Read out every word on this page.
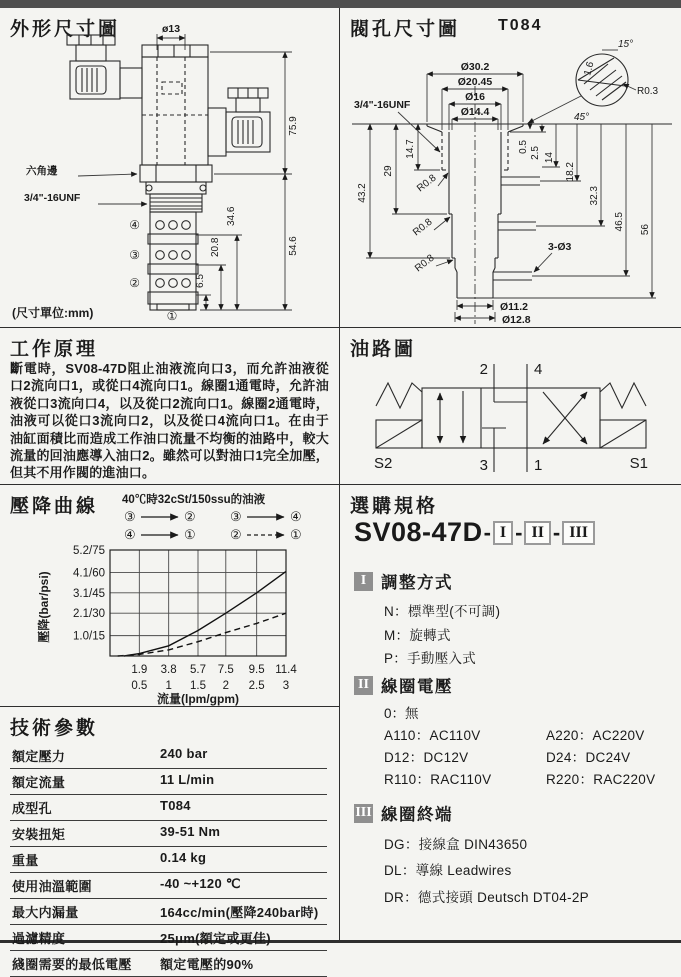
外形尺寸圖	ø13
六角邊
3/4"-16UNF
④
③
②
①
6.5
20.8
34.6
75.9
54.6
(尺寸單位:mm)
閥孔尺寸圖 T084
Ø30.2
Ø20.45
Ø16
Ø14.4
3/4"-16UNF
14.7
29
43.2
0.5 2.5 14
18.2
32.3
46.5 56
R0.8
R0.8
R0.8
3-Ø3
Ø11.2
Ø12.8
15°
1.6
R0.3
45°
工作原理
斷電時，SV08-47D阻止油液流向口3，而允許油液從口2流向口1，或從口4流向口1。線圈1通電時，允許油液從口3流向口4，以及從口2流向口1。線圈2通電時，油液可以從口3流向口2，以及從口4流向口1。在由于油缸面積比而造成工作油口流量不均衡的油路中，較大流量的回油應導入油口2。雖然可以對油口1完全加壓，但其不用作閥的進油口。
油路圖
2	4
3	1
S2	S1
壓降曲線 40℃時32cSt/150ssu的油液
③	②	③	④
④	①	②	①
1.9
0.5
3.8
1
5.7
1.5
7.5
2
9.5
2.5
11.4
3
1.0/15
2.1/30
3.1/45
4.1/60
5.2/75
壓降(bar/psi)
流量(lpm/gpm)
選購規格
SV08-47D - I - II - III
I 調整方式
N：標準型(不可調)
M：旋轉式
P：手動壓入式
II 線圈電壓
0：無
A110：AC110V	A220：AC220V
D12：DC12V	D24：DC24V
R110：RAC110V	R220：RAC220V
III 線圈終端
DG：接線盒 DIN43650
DL：導線 Leadwires
DR：德式接頭 Deutsch DT04-2P
技術參數
額定壓力	240 bar
額定流量	11 L/min
成型孔	T084
安裝扭矩	39-51 Nm
重量	0.14 kg
使用油溫範圍	-40 ~+120 ℃
最大内漏量	164cc/min(壓降240bar時)
過濾精度	25μm(額定或更佳)
綫圈需要的最低電壓	額定電壓的90%
